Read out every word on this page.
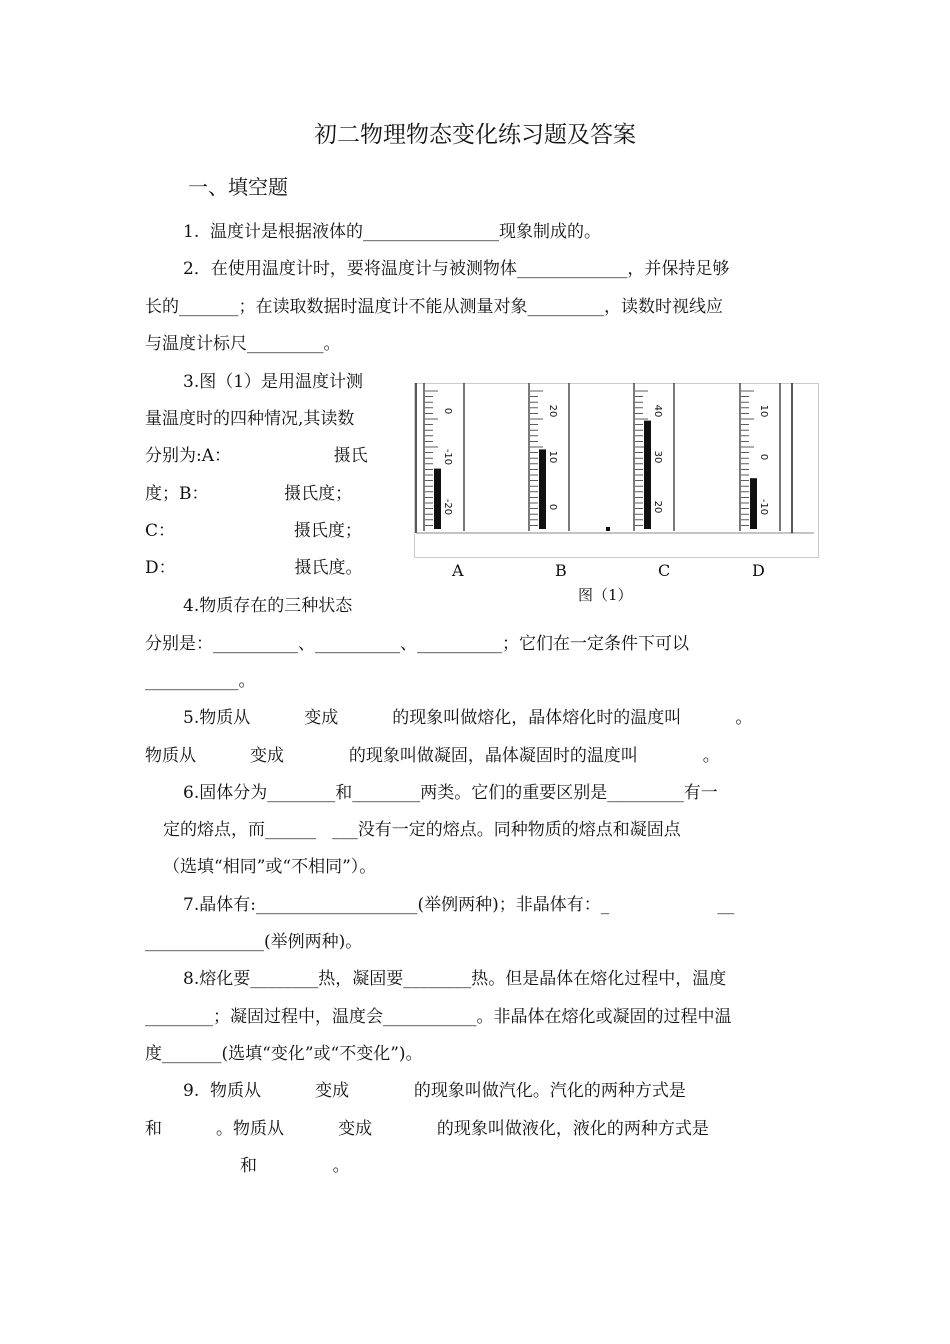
初二物理物态变化练习题及答案
一、填空题
1.  温度计是根据液体的________________现象制成的。
2．在使用温度计时，要将温度计与被测物体_____________，并保持足够
长的_______；在读取数据时温度计不能从测量对象_________，读数时视线应
与温度计标尺_________。
3.图（1）是用温度计测
量温度时的四种情况,其读数
分别为:A：                   摄氏
度；B：              摄氏度；
C：                      摄氏度；
D：                      摄氏度。
0
-10
-20
20
10
0
40
30
20
10
0
-10
A	B	C	D
图（1）
4.物质存在的三种状态
分别是：__________、__________、__________；它们在一定条件下可以
___________。
5.物质从          变成          的现象叫做熔化，晶体熔化时的温度叫          。
物质从          变成            的现象叫做凝固，晶体凝固时的温度叫            。
6.固体分为________和________两类。它们的重要区别是_________有一
定的熔点，而______   ___没有一定的熔点。同种物质的熔点和凝固点
（选填“相同”或“不相同”）。
7.晶体有:___________________(举例两种)；非晶体有：_                    __
______________(举例两种)。
8.熔化要________热，凝固要________热。但是晶体在熔化过程中，温度
________；凝固过程中，温度会___________。非晶体在熔化或凝固的过程中温
度_______(选填“变化”或“不变化”)。
9.  物质从          变成            的现象叫做汽化。汽化的两种方式是
和          。物质从          变成            的现象叫做液化，液化的两种方式是
和              。
